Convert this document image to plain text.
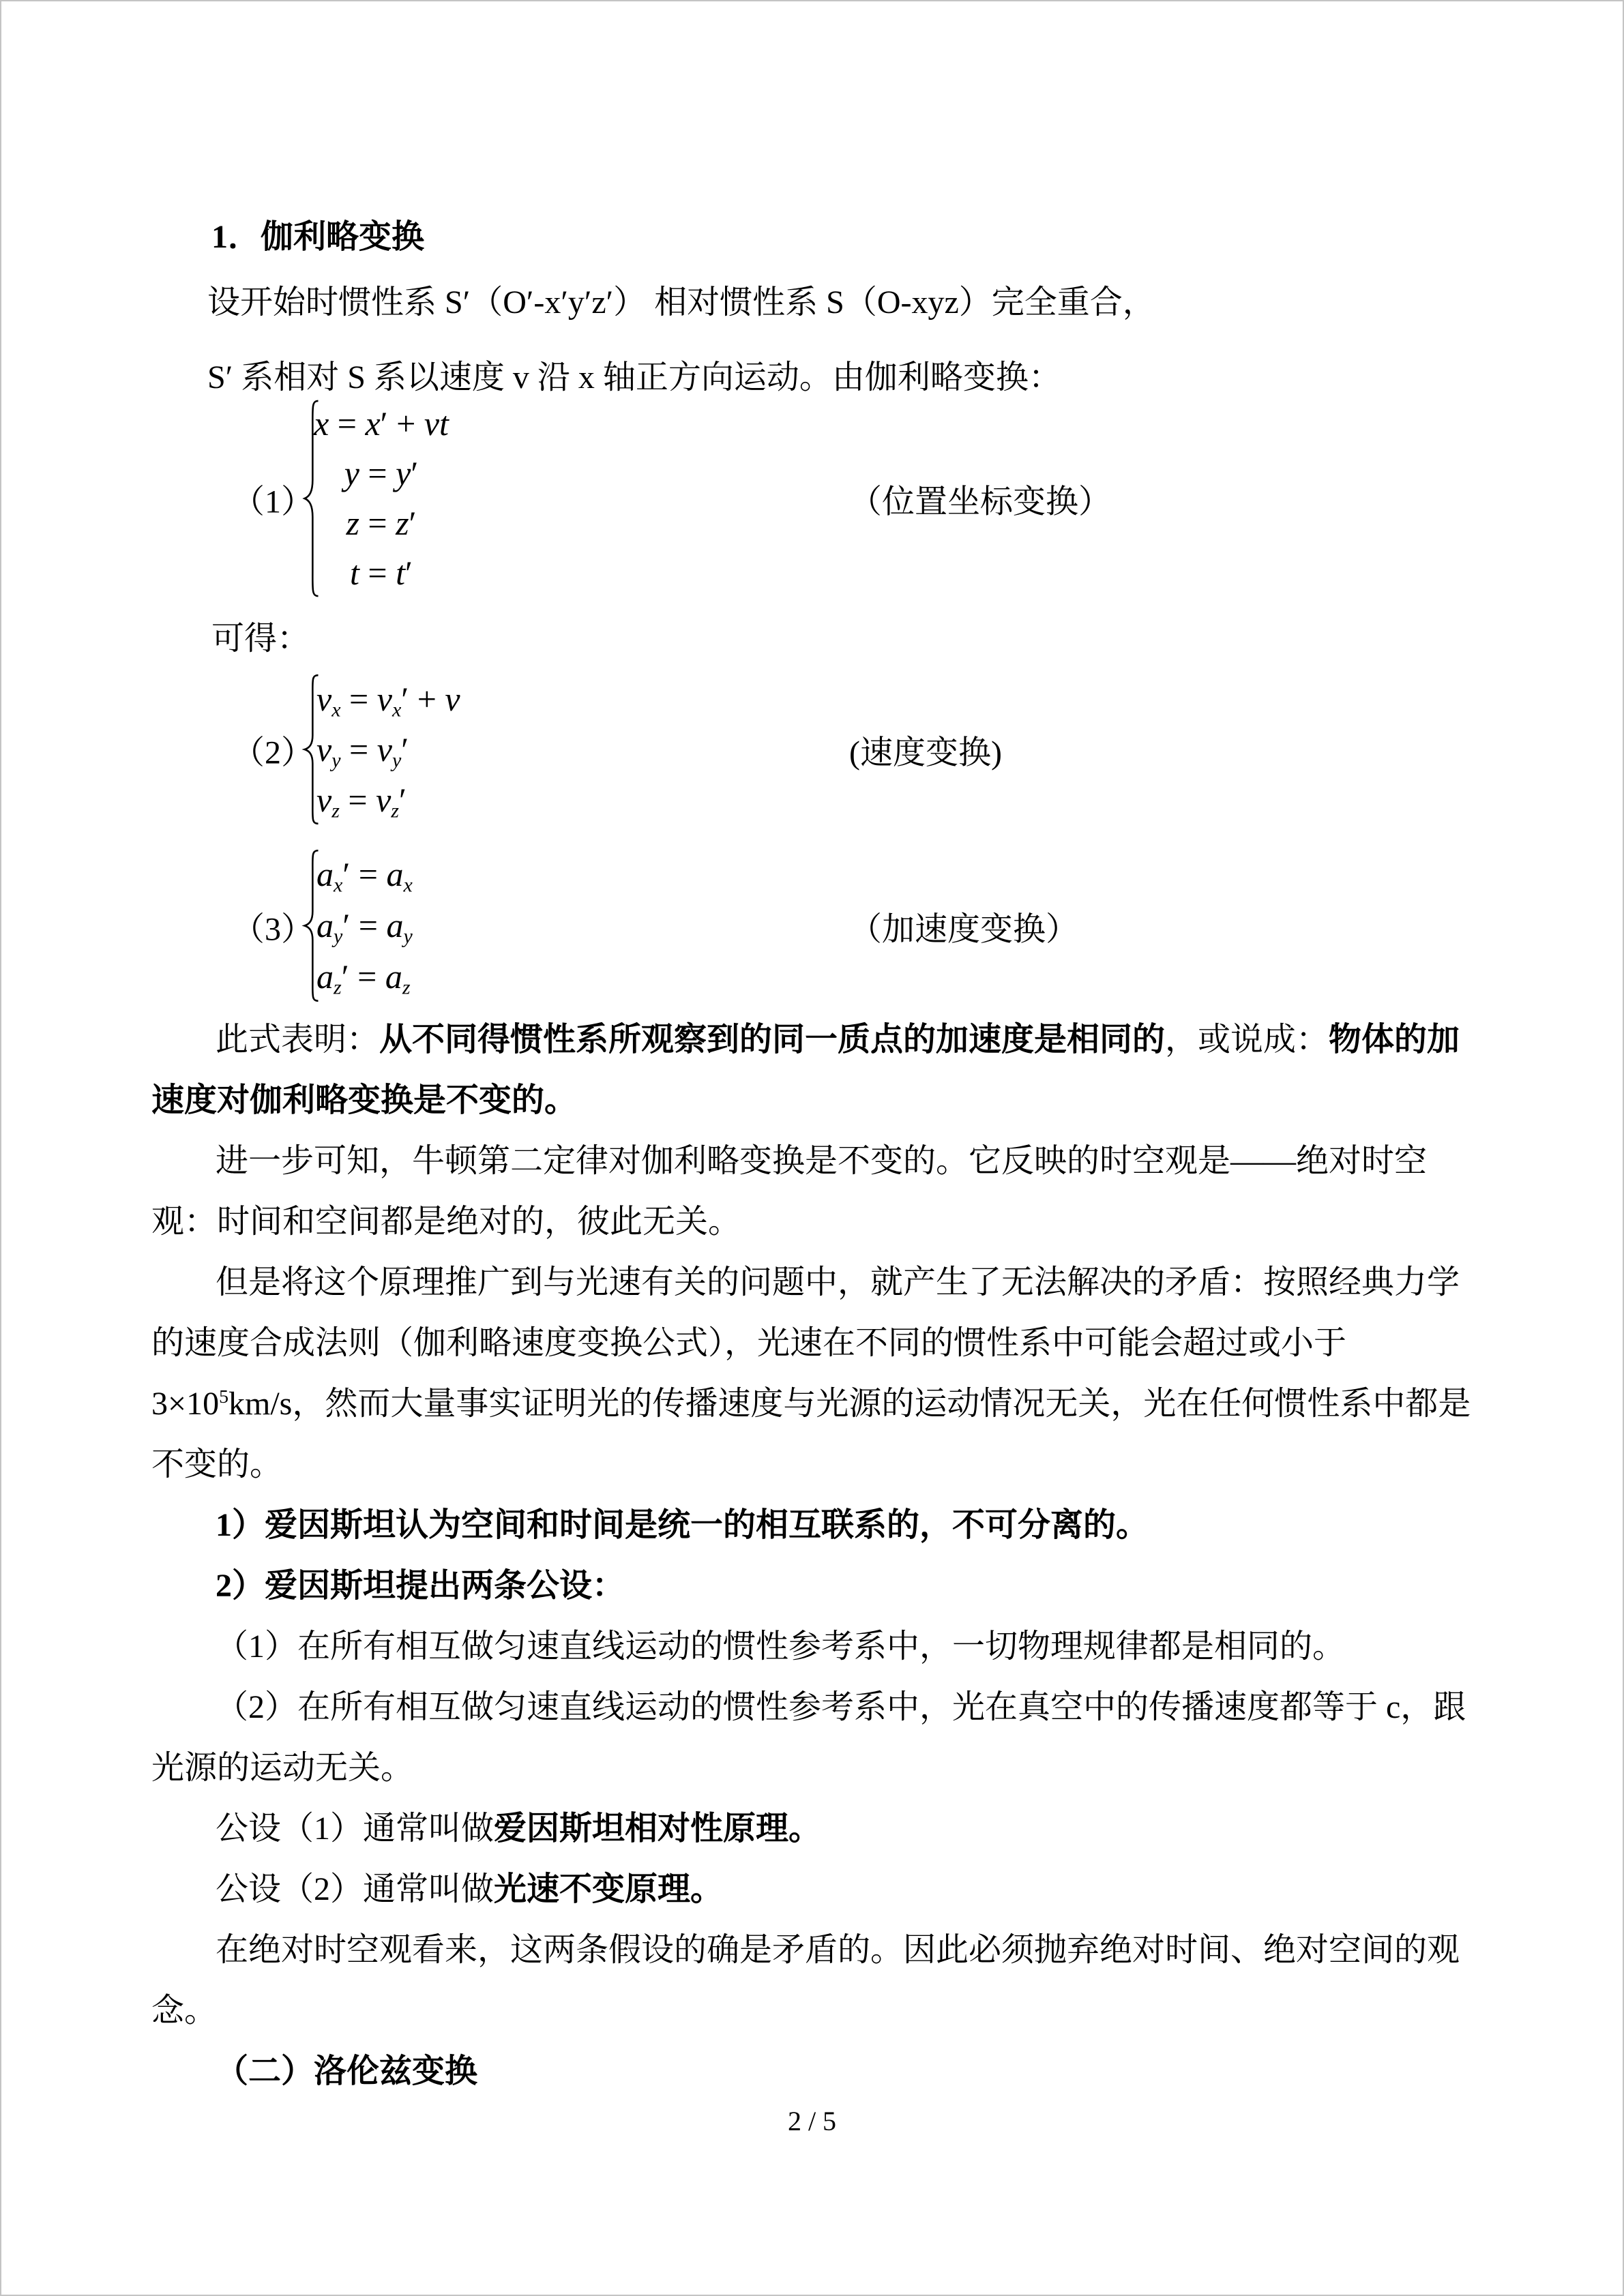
1．伽利略变换
设开始时惯性系 S′（O′-x′y′z′） 相对惯性系 S（O-xyz）完全重合，
S′ 系相对 S 系以速度 v 沿 x 轴正方向运动。由伽利略变换：
（1）
x = x′ + vt
y = y′
z = z′
t = t′
（位置坐标变换）
可得：
（2）
vx = vx′ + v
vy = vy′
vz = vz′
(速度变换)
（3）
ax′ = ax
ay′ = ay
az′ = az
（加速度变换）
此式表明：从不同得惯性系所观察到的同一质点的加速度是相同的，或说成：物体的加
速度对伽利略变换是不变的。
进一步可知，牛顿第二定律对伽利略变换是不变的。它反映的时空观是——绝对时空
观：时间和空间都是绝对的，彼此无关。
但是将这个原理推广到与光速有关的问题中，就产生了无法解决的矛盾：按照经典力学
的速度合成法则（伽利略速度变换公式），光速在不同的惯性系中可能会超过或小于
$3\times 10^5km/s$，然而大量事实证明光的传播速度与光源的运动情况无关，光在任何惯性系中都是
不变的。
1）爱因斯坦认为空间和时间是统一的相互联系的，不可分离的。
2）爱因斯坦提出两条公设：
（1）在所有相互做匀速直线运动的惯性参考系中，一切物理规律都是相同的。
（2）在所有相互做匀速直线运动的惯性参考系中，光在真空中的传播速度都等于 c，跟
光源的运动无关。
公设（1）通常叫做爱因斯坦相对性原理。
公设（2）通常叫做光速不变原理。
在绝对时空观看来，这两条假设的确是矛盾的。因此必须抛弃绝对时间、绝对空间的观
念。
（二）洛伦兹变换
2 / 5
